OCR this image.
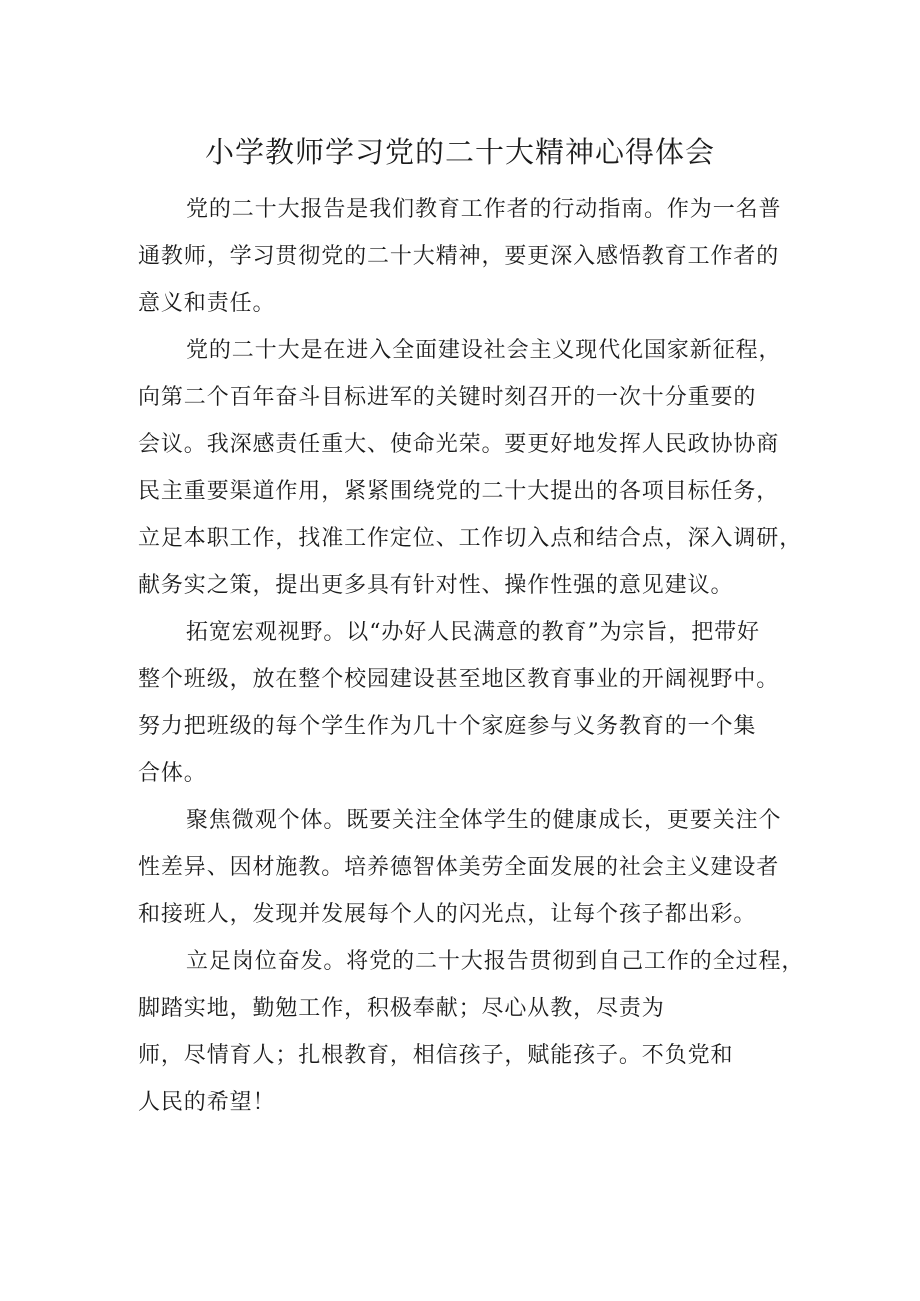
小学教师学习党的二十大精神心得体会

党的二十大报告是我们教育工作者的行动指南。作为一名普
通教师，学习贯彻党的二十大精神，要更深入感悟教育工作者的
意义和责任。

党的二十大是在进入全面建设社会主义现代化国家新征程，
向第二个百年奋斗目标进军的关键时刻召开的一次十分重要的
会议。我深感责任重大、使命光荣。要更好地发挥人民政协协商
民主重要渠道作用，紧紧围绕党的二十大提出的各项目标任务，
立足本职工作，找准工作定位、工作切入点和结合点，深入调研，
献务实之策，提出更多具有针对性、操作性强的意见建议。

拓宽宏观视野。以“办好人民满意的教育”为宗旨，把带好
整个班级，放在整个校园建设甚至地区教育事业的开阔视野中。
努力把班级的每个学生作为几十个家庭参与义务教育的一个集
合体。

聚焦微观个体。既要关注全体学生的健康成长，更要关注个
性差异、因材施教。培养德智体美劳全面发展的社会主义建设者
和接班人，发现并发展每个人的闪光点，让每个孩子都出彩。

立足岗位奋发。将党的二十大报告贯彻到自己工作的全过程，
脚踏实地，勤勉工作，积极奉献；尽心从教，尽责为
师，尽情育人；扎根教育，相信孩子，赋能孩子。不负党和
人民的希望！
